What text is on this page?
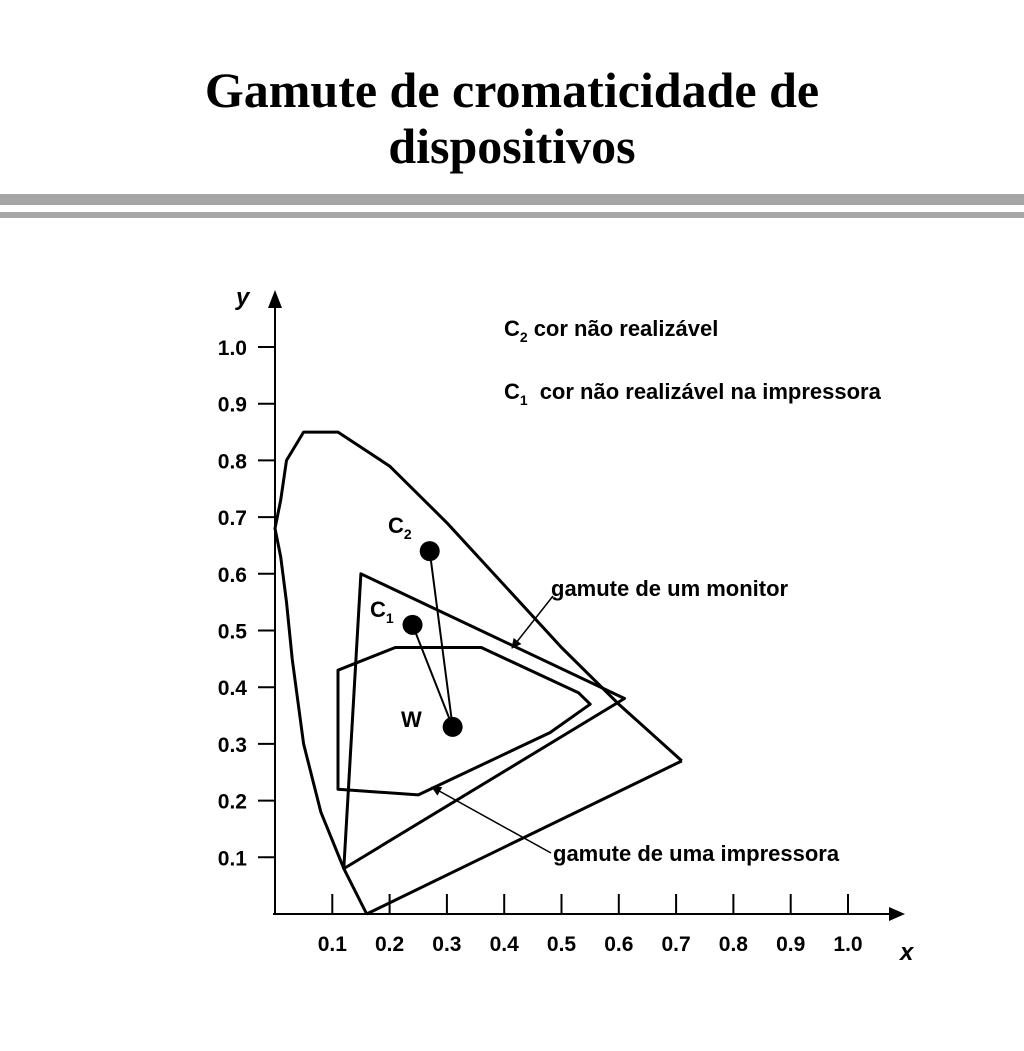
Gamute de cromaticidade de
dispositivos
x
y
0.1 0.2 0.3 0.4 0.5 0.6 0.7 0.8 0.9 1.0
0.1
0.2
0.3
0.4
0.5
0.6
0.7
0.8
0.9
1.0
$C_2$
$C_1$
W
$C_2$ cor não realizável
$C_1$ cor não realizável na impressora
gamute de um monitor
gamute de uma impressora
